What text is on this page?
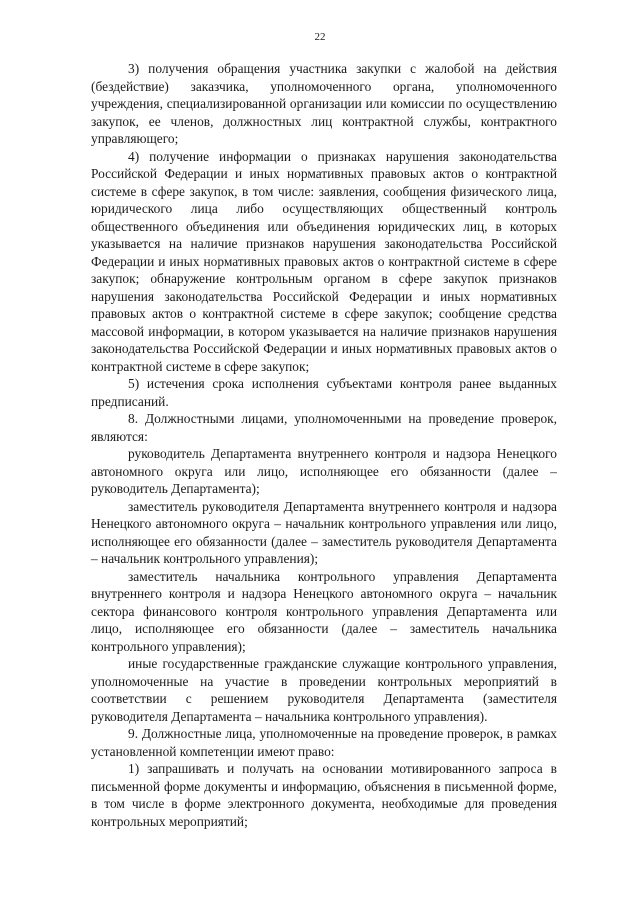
22

3) получения обращения участника закупки с жалобой на действия (бездействие) заказчика, уполномоченного органа, уполномоченного учреждения, специализированной организации или комиссии по осуществлению закупок, ее членов, должностных лиц контрактной службы, контрактного управляющего;

4) получение информации о признаках нарушения законодательства Российской Федерации и иных нормативных правовых актов о контрактной системе в сфере закупок, в том числе: заявления, сообщения физического лица, юридического лица либо осуществляющих общественный контроль общественного объединения или объединения юридических лиц, в которых указывается на наличие признаков нарушения законодательства Российской Федерации и иных нормативных правовых актов о контрактной системе в сфере закупок; обнаружение контрольным органом в сфере закупок признаков нарушения законодательства Российской Федерации и иных нормативных правовых актов о контрактной системе в сфере закупок; сообщение средства массовой информации, в котором указывается на наличие признаков нарушения законодательства Российской Федерации и иных нормативных правовых актов о контрактной системе в сфере закупок;

5) истечения срока исполнения субъектами контроля ранее выданных предписаний.

8. Должностными лицами, уполномоченными на проведение проверок, являются:

руководитель Департамента внутреннего контроля и надзора Ненецкого автономного округа или лицо, исполняющее его обязанности (далее – руководитель Департамента);

заместитель руководителя Департамента внутреннего контроля и надзора Ненецкого автономного округа – начальник контрольного управления или лицо, исполняющее его обязанности (далее – заместитель руководителя Департамента – начальник контрольного управления);

заместитель начальника контрольного управления Департамента внутреннего контроля и надзора Ненецкого автономного округа – начальник сектора финансового контроля контрольного управления Департамента или лицо, исполняющее его обязанности (далее – заместитель начальника контрольного управления);

иные государственные гражданские служащие контрольного управления, уполномоченные на участие в проведении контрольных мероприятий в соответствии с решением руководителя Департамента (заместителя руководителя Департамента – начальника контрольного управления).

9. Должностные лица, уполномоченные на проведение проверок, в рамках установленной компетенции имеют право:

1) запрашивать и получать на основании мотивированного запроса в письменной форме документы и информацию, объяснения в письменной форме, в том числе в форме электронного документа, необходимые для проведения контрольных мероприятий;
